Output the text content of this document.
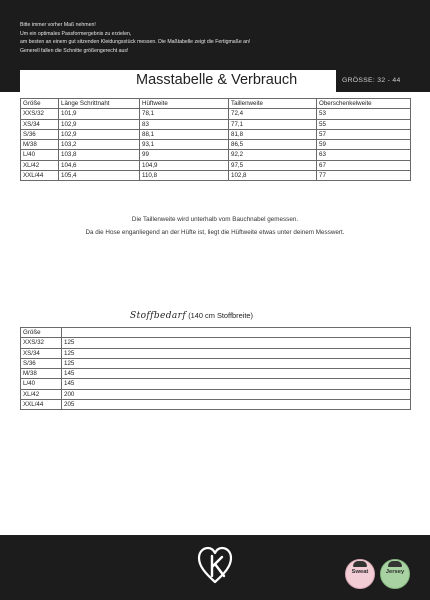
Bitte immer vorher Maß nehmen!
Um ein optimales Passformergebnis zu erzielen,
am besten an einem gut sitzenden Kleidungsstück messen. Die Maßtabelle zeigt die Fertigmaße an!
Generell fallen die Schnitte größengerecht aus!
Masstabelle & Verbrauch	GRÖSSE: 32 - 44
Größe	Länge Schrittnaht	Hüftweite	Taillenweite	Oberschenkelweite
XXS/32	101,9	78,1	72,4	53
XS/34	102,9	83	77,1	55
S/36	102,9	88,1	81,8	57
M/38	103,2	93,1	86,5	59
L/40	103,8	99	92,2	63
XL/42	104,6	104,9	97,5	67
XXL/44	105,4	110,8	102,8	77
Die Taillenweite wird unterhalb vom Bauchnabel gemessen.
Da die Hose enganliegend an der Hüfte ist, liegt die Hüftweite etwas unter deinem Messwert.
Stoffbedarf (140 cm Stoffbreite)
Größe	
XXS/32	125
XS/34	125
S/36	125
M/38	145
L/40	145
XL/42	200
XXL/44	205
Sweat	Jersey
